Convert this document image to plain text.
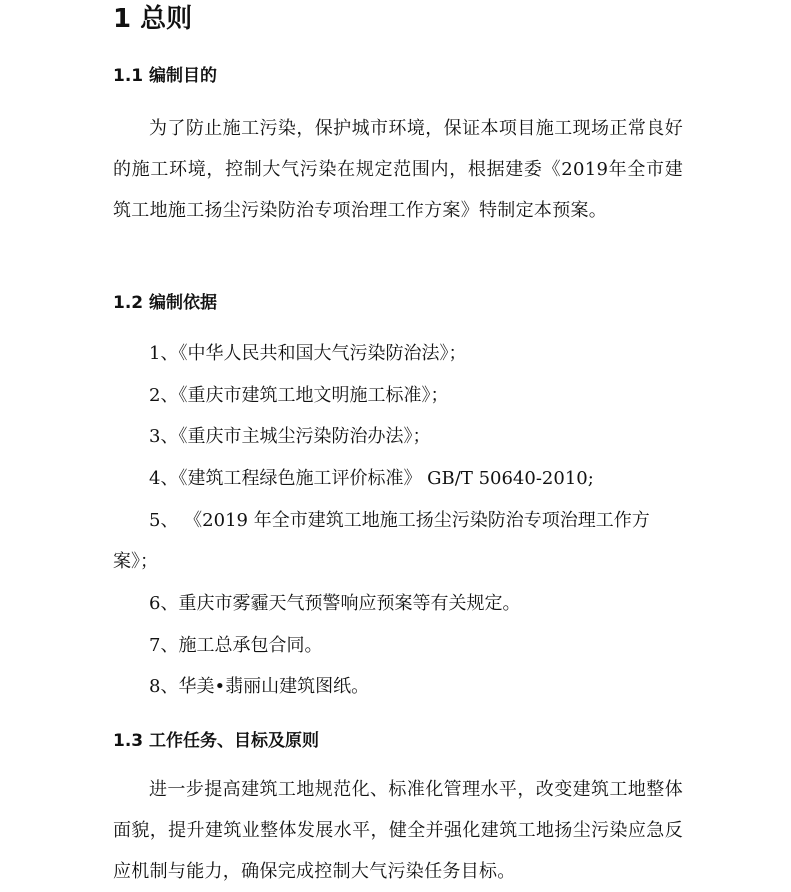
1 总则
1.1 编制目的
为了防止施工污染，保护城市环境，保证本项目施工现场正常良好的施工环境，控制大气污染在规定范围内，根据建委《2019年全市建筑工地施工扬尘污染防治专项治理工作方案》特制定本预案。
1.2 编制依据
1、《中华人民共和国大气污染防治法》；
2、《重庆市建筑工地文明施工标准》；
3、《重庆市主城尘污染防治办法》；
4、《建筑工程绿色施工评价标准》 GB/T 50640-2010;
5、 《2019 年全市建筑工地施工扬尘污染防治专项治理工作方案》；
6、重庆市雾霾天气预警响应预案等有关规定。
7、施工总承包合同。
8、华美•翡丽山建筑图纸。
1.3 工作任务、目标及原则
进一步提高建筑工地规范化、标准化管理水平，改变建筑工地整体面貌，提升建筑业整体发展水平，健全并强化建筑工地扬尘污染应急反应机制与能力，确保完成控制大气污染任务目标。
